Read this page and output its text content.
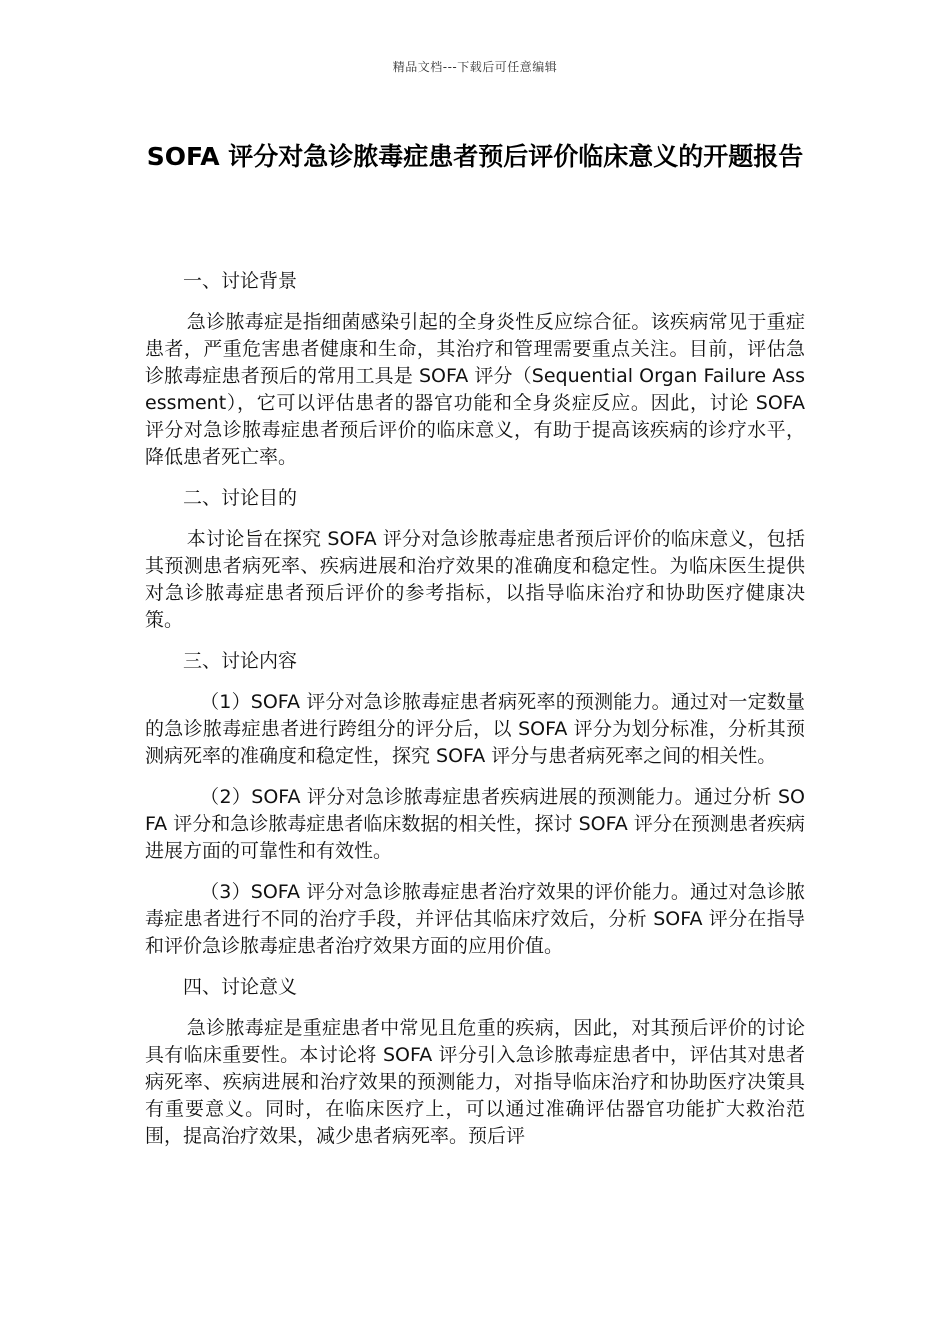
精品文档---下载后可任意编辑
SOFA 评分对急诊脓毒症患者预后评价临床意义的开题报告

一、讨论背景

急诊脓毒症是指细菌感染引起的全身炎性反应综合征。该疾病常见于重症患者，严重危害患者健康和生命，其治疗和管理需要重点关注。目前，评估急诊脓毒症患者预后的常用工具是 SOFA 评分（Sequential Organ Failure Assessment），它可以评估患者的器官功能和全身炎症反应。因此，讨论 SOFA 评分对急诊脓毒症患者预后评价的临床意义，有助于提高该疾病的诊疗水平，降低患者死亡率。

二、讨论目的

本讨论旨在探究 SOFA 评分对急诊脓毒症患者预后评价的临床意义，包括其预测患者病死率、疾病进展和治疗效果的准确度和稳定性。为临床医生提供对急诊脓毒症患者预后评价的参考指标，以指导临床治疗和协助医疗健康决策。

三、讨论内容

（1）SOFA 评分对急诊脓毒症患者病死率的预测能力。通过对一定数量的急诊脓毒症患者进行跨组分的评分后，以 SOFA 评分为划分标准，分析其预测病死率的准确度和稳定性，探究 SOFA 评分与患者病死率之间的相关性。

（2）SOFA 评分对急诊脓毒症患者疾病进展的预测能力。通过分析 SOFA 评分和急诊脓毒症患者临床数据的相关性，探讨 SOFA 评分在预测患者疾病进展方面的可靠性和有效性。

（3）SOFA 评分对急诊脓毒症患者治疗效果的评价能力。通过对急诊脓毒症患者进行不同的治疗手段，并评估其临床疗效后，分析 SOFA 评分在指导和评价急诊脓毒症患者治疗效果方面的应用价值。

四、讨论意义

急诊脓毒症是重症患者中常见且危重的疾病，因此，对其预后评价的讨论具有临床重要性。本讨论将 SOFA 评分引入急诊脓毒症患者中，评估其对患者病死率、疾病进展和治疗效果的预测能力，对指导临床治疗和协助医疗决策具有重要意义。同时，在临床医疗上，可以通过准确评估器官功能扩大救治范围，提高治疗效果，减少患者病死率。预后评
